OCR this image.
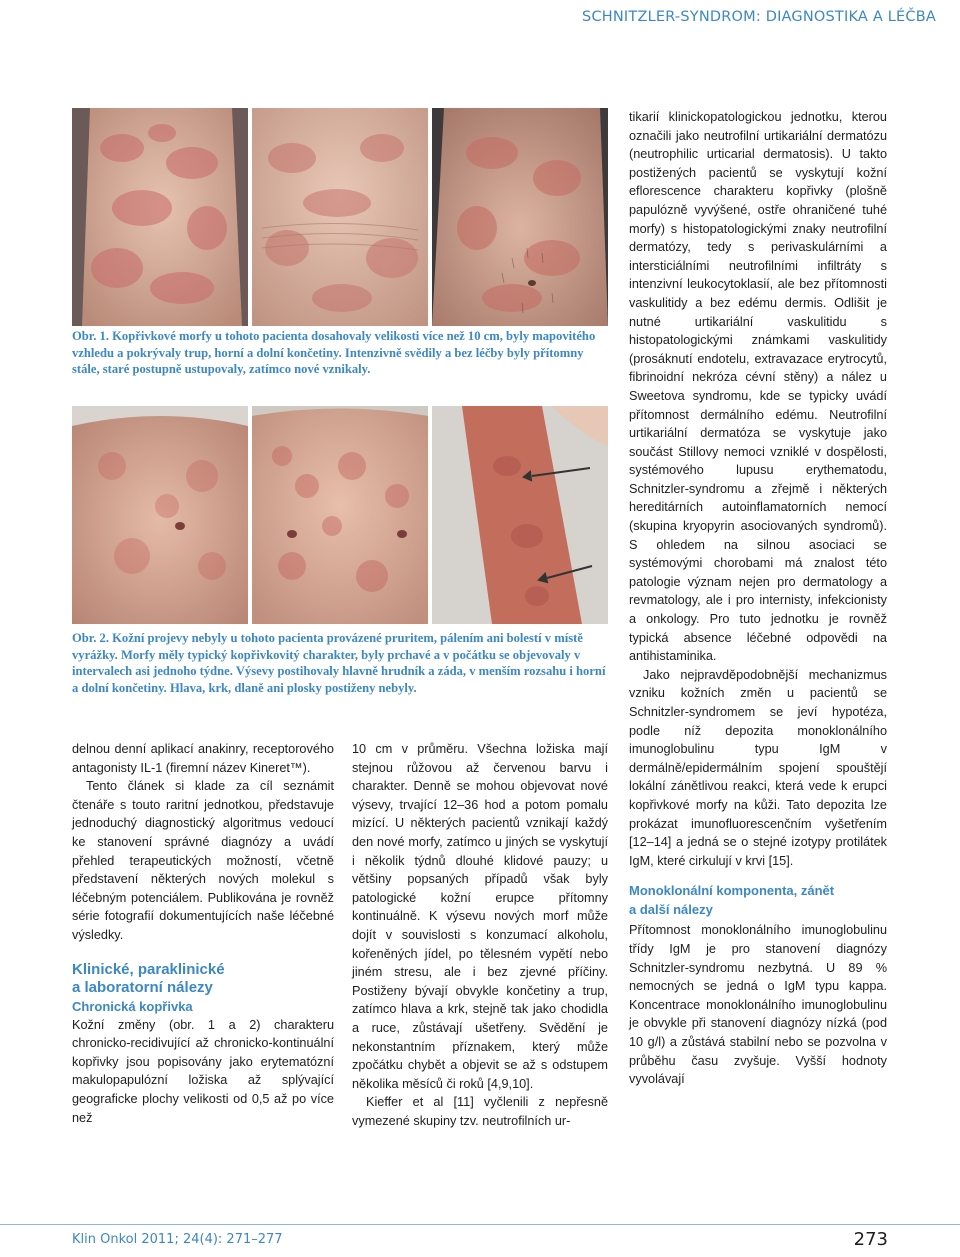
SCHNITZLER-SYNDROM: DIAGNOSTIKA A LÉČBA
Obr. 1. Kopřivkové morfy u tohoto pacienta dosahovaly velikosti více než 10 cm, byly mapovitého vzhledu a pokrývaly trup, horní a dolní končetiny. Intenzivně svědily a bez léčby byly přítomny stále, staré postupně ustupovaly, zatímco nové vznikaly.
Obr. 2. Kožní projevy nebyly u tohoto pacienta provázené pruritem, pálením ani bolestí v místě vyrážky. Morfy měly typický kopřivkovitý charakter, byly prchavé a v počátku se objevovaly v intervalech asi jednoho týdne. Výsevy postihovaly hlavně hrudník a záda, v menším rozsahu i horní a dolní končetiny. Hlava, krk, dlaně ani plosky postiženy nebyly.

delnou denní aplikací anakinry, receptorového antagonisty IL-1 (firemní název Kineret™).

Tento článek si klade za cíl seznámit čtenáře s touto raritní jednotkou, představuje jednoduchý diagnostický algoritmus vedoucí ke stanovení správné diagnózy a uvádí přehled terapeutických možností, včetně představení některých nových molekul s léčebným potenciálem. Publikována je rovněž série fotografií dokumentujících naše léčebné výsledky.

Klinické, paraklinické
a laboratorní nálezy
Chronická kopřivka

Kožní změny (obr. 1 a 2) charakteru chronicko-recidivující až chronicko-kontinuální kopřivky jsou popisovány jako erytematózní makulopapulózní ložiska až splývající geograficke plochy velikosti od 0,5 až po více než

10 cm v průměru. Všechna ložiska mají stejnou růžovou až červenou barvu i charakter. Denně se mohou objevovat nové výsevy, trvající 12–36 hod a potom pomalu mizící. U některých pacientů vznikají každý den nové morfy, zatímco u jiných se vyskytují i několik týdnů dlouhé klidové pauzy; u většiny popsaných případů však byly patologické kožní erupce přítomny kontinuálně. K výsevu nových morf může dojít v souvislosti s konzumací alkoholu, kořeněných jídel, po tělesném vypětí nebo jiném stresu, ale i bez zjevné příčiny. Postiženy bývají obvykle končetiny a trup, zatímco hlava a krk, stejně tak jako chodidla a ruce, zůstávají ušetřeny. Svědění je nekonstantním příznakem, který může zpočátku chybět a objevit se až s odstupem několika měsíců či roků [4,9,10].

Kieffer et al [11] vyčlenili z nepřesně vymezené skupiny tzv. neutrofilních ur-

tikarií klinickopatologickou jednotku, kterou označili jako neutrofilní urtikariální dermatózu (neutrophilic urticarial dermatosis). U takto postižených pacientů se vyskytují kožní eflorescence charakteru kopřivky (plošně papulózně vyvýšené, ostře ohraničené tuhé morfy) s histopatologickými znaky neutrofilní dermatózy, tedy s perivaskulárními a intersticiálními neutrofilními infiltráty s intenzivní leukocytoklasií, ale bez přítomnosti vaskulitidy a bez edému dermis. Odlišit je nutné urtikariální vaskulitidu s histopatologickými známkami vaskulitidy (prosáknutí endotelu, extravazace erytrocytů, fibrinoidní nekróza cévní stěny) a nález u Sweetova syndromu, kde se typicky uvádí přítomnost dermálního edému. Neutrofilní urtikariální dermatóza se vyskytuje jako součást Stillovy nemoci vzniklé v dospělosti, systémového lupusu erythematodu, Schnitzler-syndromu a zřejmě i některých hereditárních autoinflamatorních nemocí (skupina kryopyrin asociovaných syndromů). S ohledem na silnou asociaci se systémovými chorobami má znalost této patologie význam nejen pro dermatology a revmatology, ale i pro internisty, infekcionisty a onkology. Pro tuto jednotku je rovněž typická absence léčebné odpovědi na antihistaminika.

Jako nejpravděpodobnější mechanizmus vzniku kožních změn u pacientů se Schnitzler-syndromem se jeví hypotéza, podle níž depozita monoklonálního imunoglobulinu typu IgM v dermálně/epidermálním spojení spouštějí lokální zánětlivou reakci, která vede k erupci kopřivkové morfy na kůži. Tato depozita lze prokázat imunofluorescenčním vyšetřením [12–14] a jedná se o stejné izotypy protilátek IgM, které cirkulují v krvi [15].

Monoklonální komponenta, zánět
a další nálezy

Přítomnost monoklonálního imunoglobulinu třídy IgM je pro stanovení diagnózy Schnitzler-syndromu nezbytná. U 89 % nemocných se jedná o IgM typu kappa. Koncentrace monoklonálního imunoglobulinu je obvykle při stanovení diagnózy nízká (pod 10 g/l) a zůstává stabilní nebo se pozvolna v průběhu času zvyšuje. Vyšší hodnoty vyvolávají

Klin Onkol 2011; 24(4): 271–277	273
